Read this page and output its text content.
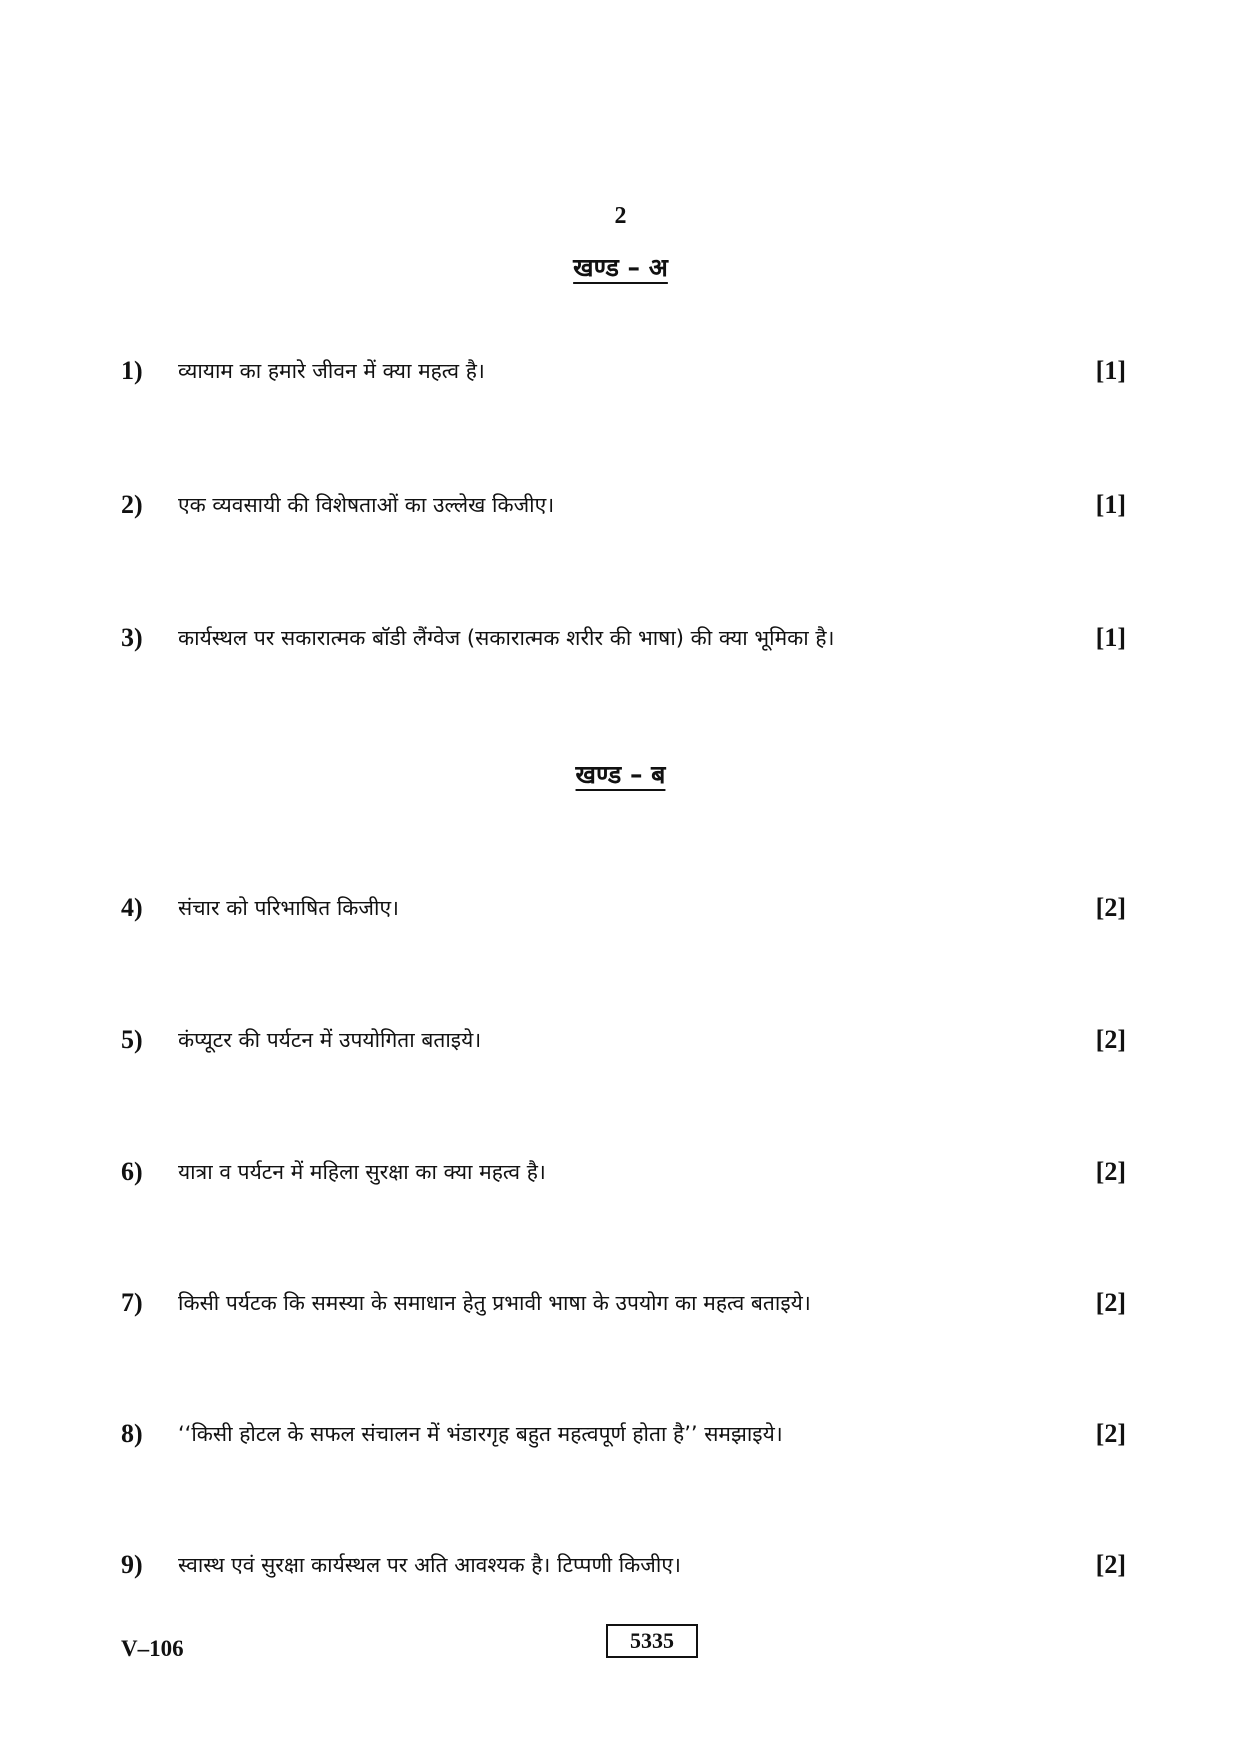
2
खण्ड – अ
1) व्यायाम का हमारे जीवन में क्या महत्व है।	[1]
2) एक व्यवसायी की विशेषताओं का उल्लेख किजीए।	[1]
3) कार्यस्थल पर सकारात्मक बॉडी लैंग्वेज (सकारात्मक शरीर की भाषा) की क्या भूमिका है।	[1]
खण्ड – ब
4) संचार को परिभाषित किजीए।	[2]
5) कंप्यूटर की पर्यटन में उपयोगिता बताइये।	[2]
6) यात्रा व पर्यटन में महिला सुरक्षा का क्या महत्व है।	[2]
7) किसी पर्यटक कि समस्या के समाधान हेतु प्रभावी भाषा के उपयोग का महत्व बताइये।	[2]
8) ‘‘किसी होटल के सफल संचालन में भंडारगृह बहुत महत्वपूर्ण होता है’’ समझाइये।	[2]
9) स्वास्थ एवं सुरक्षा कार्यस्थल पर अति आवश्यक है। टिप्पणी किजीए।	[2]
V–106	5335
